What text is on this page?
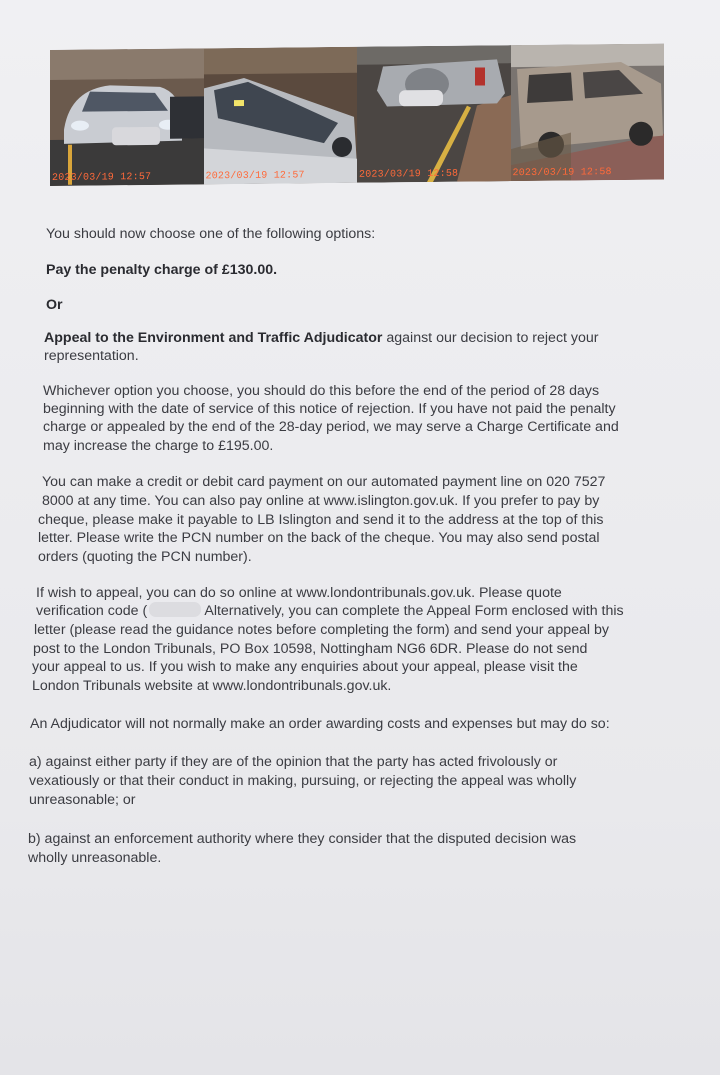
2023/03/19 12:57	2023/03/19 12:57	2023/03/19 12:58	2023/03/19 12:58

You should now choose one of the following options:

Pay the penalty charge of £130.00.

Or

Appeal to the Environment and Traffic Adjudicator against our decision to reject your

representation.

Whichever option you choose, you should do this before the end of the period of 28 days

beginning with the date of service of this notice of rejection. If you have not paid the penalty

charge or appealed by the end of the 28-day period, we may serve a Charge Certificate and

may increase the charge to £195.00.

You can make a credit or debit card payment on our automated payment line on 020 7527

8000 at any time. You can also pay online at www.islington.gov.uk. If you prefer to pay by

cheque, please make it payable to LB Islington and send it to the address at the top of this

letter. Please write the PCN number on the back of the cheque. You may also send postal

orders (quoting the PCN number).

If wish to appeal, you can do so online at www.londontribunals.gov.uk. Please quote

verification code (	Alternatively, you can complete the Appeal Form enclosed with this

letter (please read the guidance notes before completing the form) and send your appeal by

post to the London Tribunals, PO Box 10598, Nottingham NG6 6DR. Please do not send

your appeal to us. If you wish to make any enquiries about your appeal, please visit the

London Tribunals website at www.londontribunals.gov.uk.

An Adjudicator will not normally make an order awarding costs and expenses but may do so:

a) against either party if they are of the opinion that the party has acted frivolously or

vexatiously or that their conduct in making, pursuing, or rejecting the appeal was wholly

unreasonable; or

b) against an enforcement authority where they consider that the disputed decision was

wholly unreasonable.
